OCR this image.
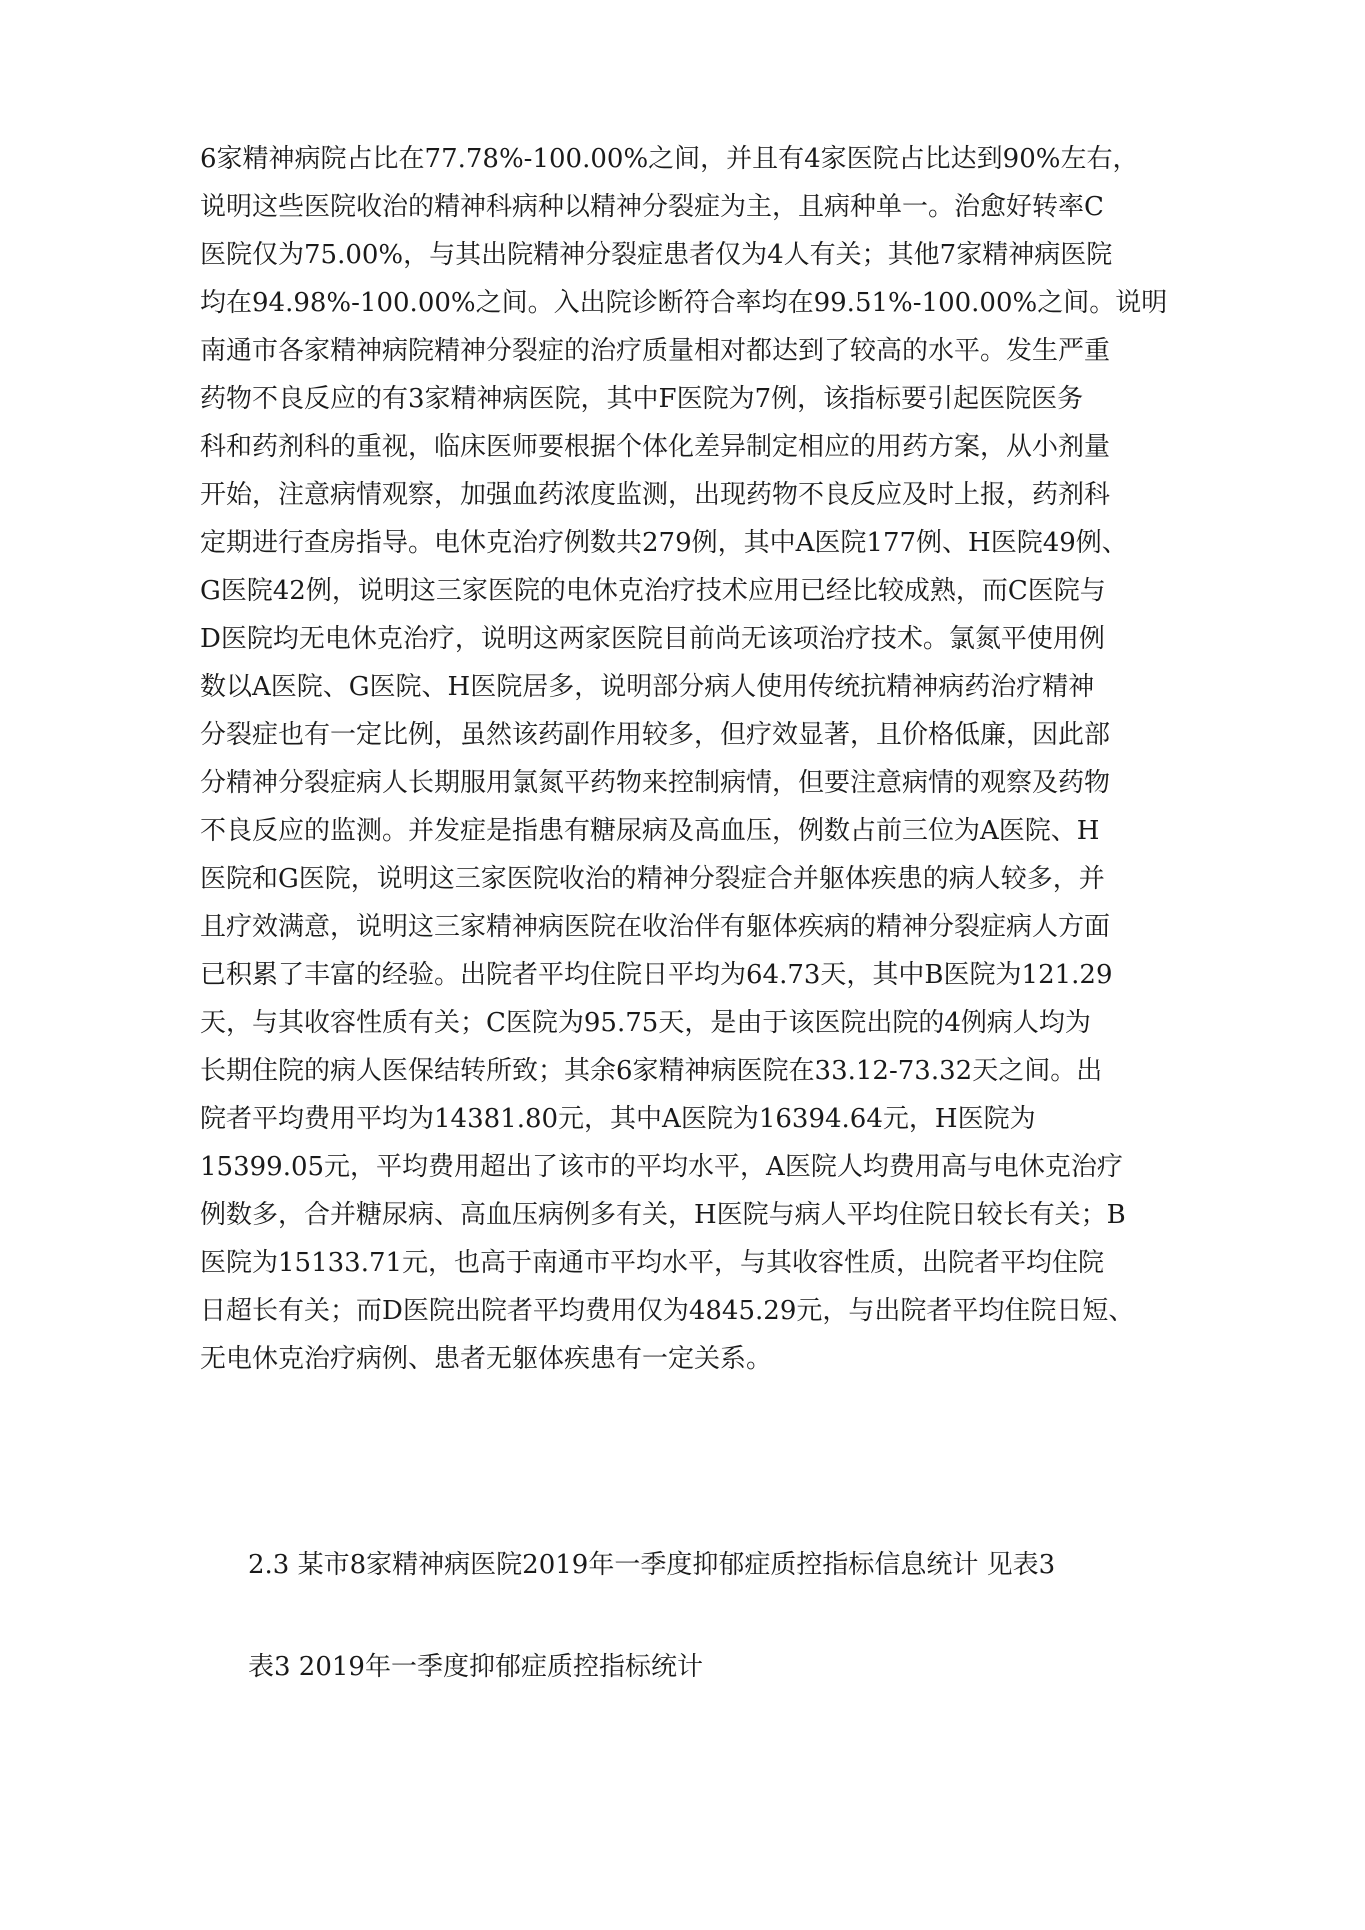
6家精神病院占比在77.78%-100.00%之间，并且有4家医院占比达到90%左右，
说明这些医院收治的精神科病种以精神分裂症为主，且病种单一。治愈好转率C
医院仅为75.00%，与其出院精神分裂症患者仅为4人有关；其他7家精神病医院
均在94.98%-100.00%之间。入出院诊断符合率均在99.51%-100.00%之间。说明
南通市各家精神病院精神分裂症的治疗质量相对都达到了较高的水平。发生严重
药物不良反应的有3家精神病医院，其中F医院为7例，该指标要引起医院医务
科和药剂科的重视，临床医师要根据个体化差异制定相应的用药方案，从小剂量
开始，注意病情观察，加强血药浓度监测，出现药物不良反应及时上报，药剂科
定期进行查房指导。电休克治疗例数共279例，其中A医院177例、H医院49例、
G医院42例，说明这三家医院的电休克治疗技术应用已经比较成熟，而C医院与
D医院均无电休克治疗，说明这两家医院目前尚无该项治疗技术。氯氮平使用例
数以A医院、G医院、H医院居多，说明部分病人使用传统抗精神病药治疗精神
分裂症也有一定比例，虽然该药副作用较多，但疗效显著，且价格低廉，因此部
分精神分裂症病人长期服用氯氮平药物来控制病情，但要注意病情的观察及药物
不良反应的监测。并发症是指患有糖尿病及高血压，例数占前三位为A医院、H
医院和G医院，说明这三家医院收治的精神分裂症合并躯体疾患的病人较多，并
且疗效满意，说明这三家精神病医院在收治伴有躯体疾病的精神分裂症病人方面
已积累了丰富的经验。出院者平均住院日平均为64.73天，其中B医院为121.29
天，与其收容性质有关；C医院为95.75天，是由于该医院出院的4例病人均为
长期住院的病人医保结转所致；其余6家精神病医院在33.12-73.32天之间。出
院者平均费用平均为14381.80元，其中A医院为16394.64元，H医院为
15399.05元，平均费用超出了该市的平均水平，A医院人均费用高与电休克治疗
例数多，合并糖尿病、高血压病例多有关，H医院与病人平均住院日较长有关；B
医院为15133.71元，也高于南通市平均水平，与其收容性质，出院者平均住院
日超长有关；而D医院出院者平均费用仅为4845.29元，与出院者平均住院日短、
无电休克治疗病例、患者无躯体疾患有一定关系。
2.3 某市8家精神病医院2019年一季度抑郁症质控指标信息统计 见表3
表3 2019年一季度抑郁症质控指标统计
